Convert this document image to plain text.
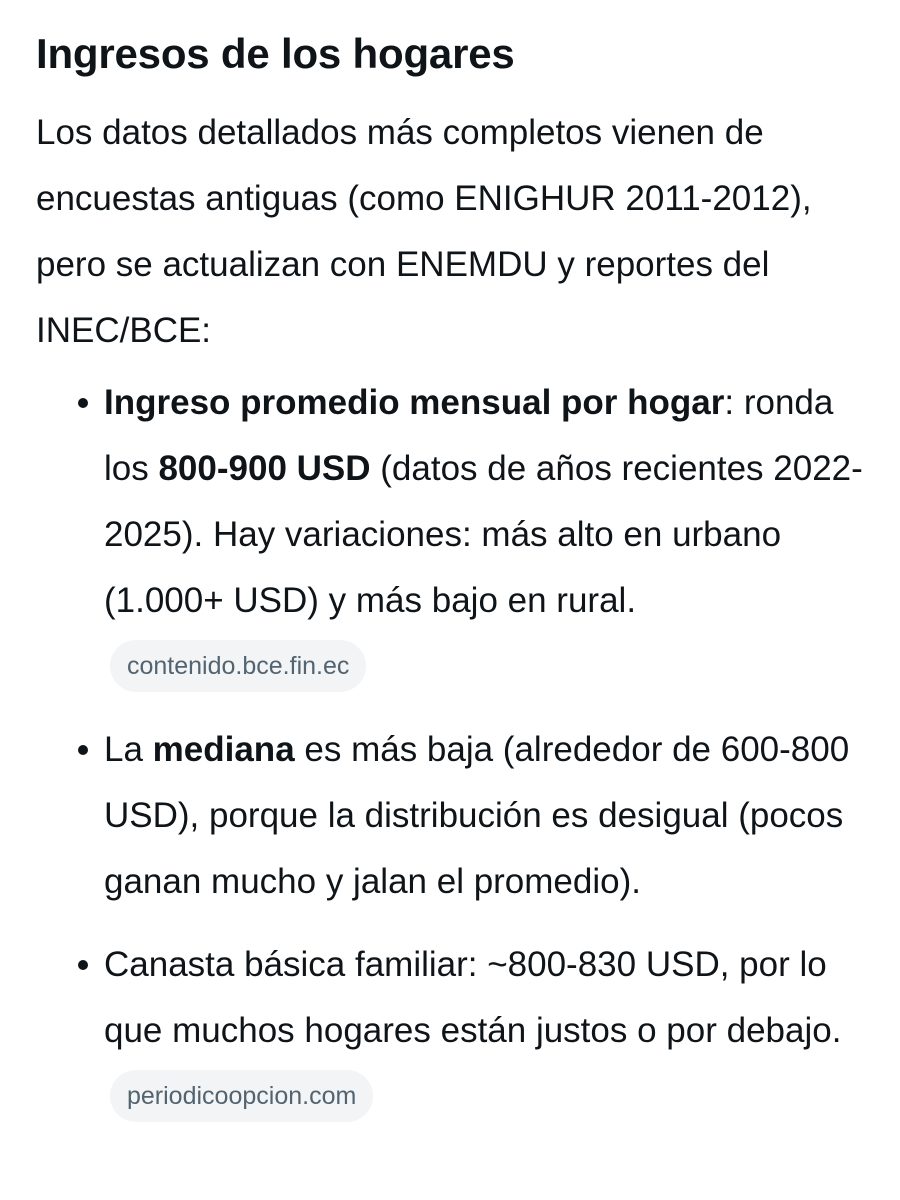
Ingresos de los hogares

Los datos detallados más completos vienen de encuestas antiguas (como ENIGHUR 2011-2012), pero se actualizan con ENEMDU y reportes del INEC/BCE:

Ingreso promedio mensual por hogar: ronda los 800-900 USD (datos de años recientes 2022-2025). Hay variaciones: más alto en urbano (1.000+ USD) y más bajo en rural. contenido.bce.fin.ec
La mediana es más baja (alrededor de 600-800 USD), porque la distribución es desigual (pocos ganan mucho y jalan el promedio).
Canasta básica familiar: ~800-830 USD, por lo que muchos hogares están justos o por debajo. periodicoopcion.com
